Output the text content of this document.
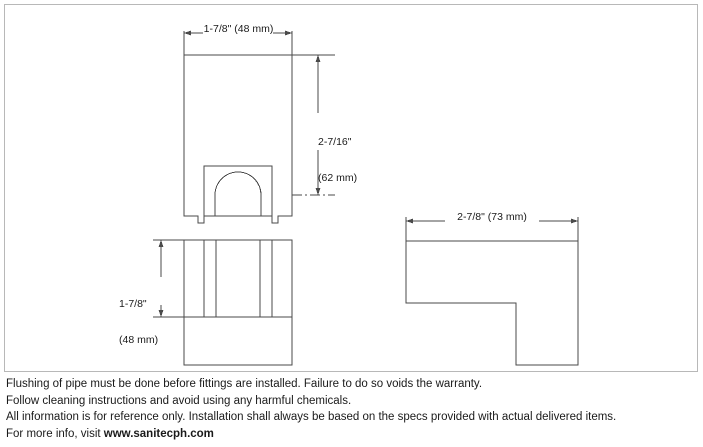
1-7/8" (48 mm)

2-7/16"

(62 mm)

1-7/8"

(48 mm)

2-7/8" (73 mm)
Flushing of pipe must be done before fittings are installed. Failure to do so voids the warranty.
Follow cleaning instructions and avoid using any harmful chemicals.
All information is for reference only. Installation shall always be based on the specs provided with actual delivered items.
For more info, visit www.sanitecph.com
